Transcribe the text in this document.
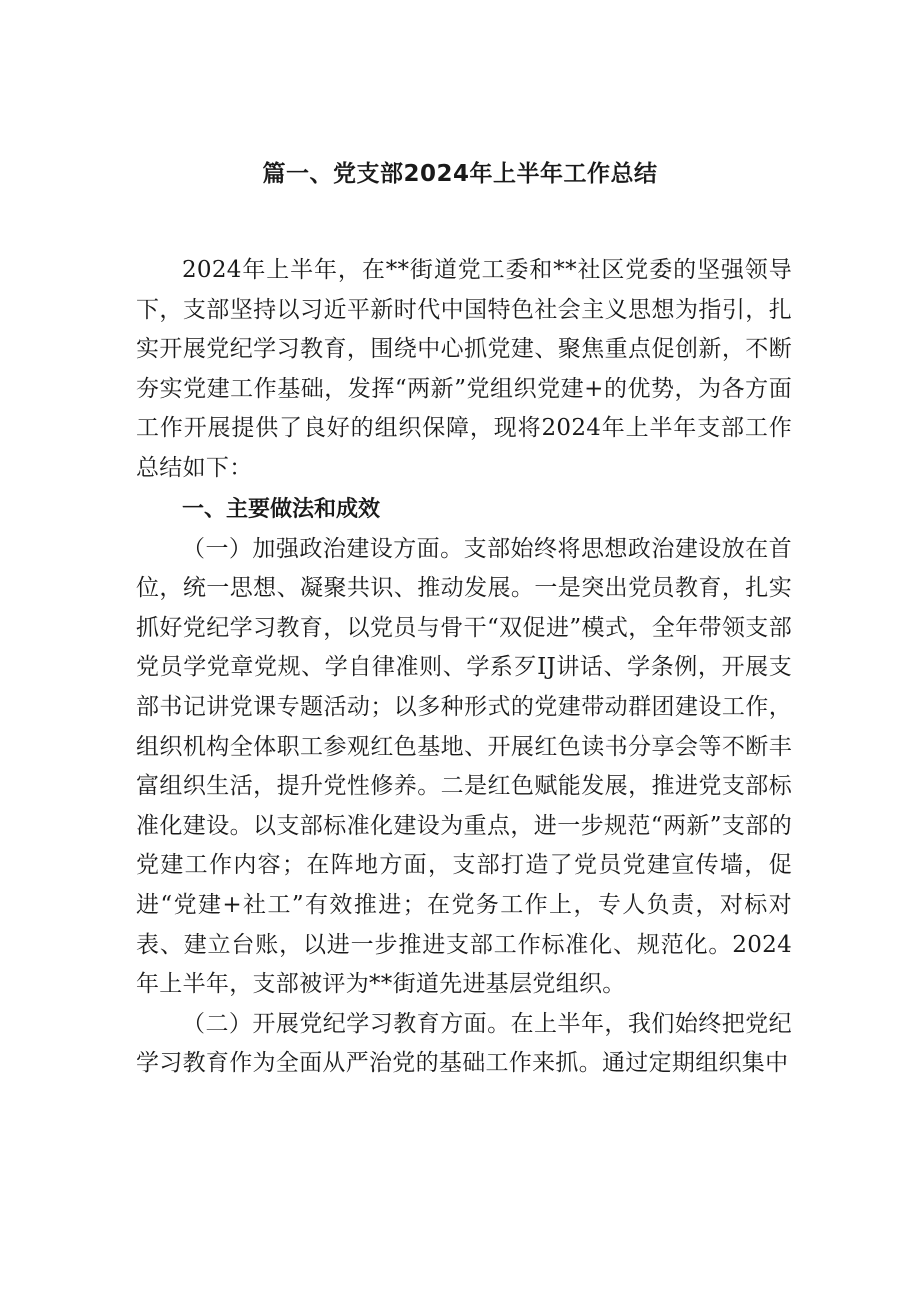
篇一、党支部2024年上半年工作总结

2024年上半年，在**街道党工委和**社区党委的坚强领导下，支部坚持以习近平新时代中国特色社会主义思想为指引，扎实开展党纪学习教育，围绕中心抓党建、聚焦重点促创新，不断夯实党建工作基础，发挥“两新”党组织党建+的优势，为各方面工作开展提供了良好的组织保障，现将2024年上半年支部工作总结如下：

一、主要做法和成效

（一）加强政治建设方面。支部始终将思想政治建设放在首位，统一思想、凝聚共识、推动发展。一是突出党员教育，扎实抓好党纪学习教育，以党员与骨干“双促进”模式，全年带领支部党员学党章党规、学自律准则、学系歹IJ讲话、学条例，开展支部书记讲党课专题活动；以多种形式的党建带动群团建设工作，组织机构全体职工参观红色基地、开展红色读书分享会等不断丰富组织生活，提升党性修养。二是红色赋能发展，推进党支部标准化建设。以支部标准化建设为重点，进一步规范“两新”支部的党建工作内容；在阵地方面，支部打造了党员党建宣传墙，促进“党建+社工”有效推进；在党务工作上，专人负责，对标对表、建立台账，以进一步推进支部工作标准化、规范化。2024年上半年，支部被评为**街道先进基层党组织。

（二）开展党纪学习教育方面。在上半年，我们始终把党纪学习教育作为全面从严治党的基础工作来抓。通过定期组织集中
